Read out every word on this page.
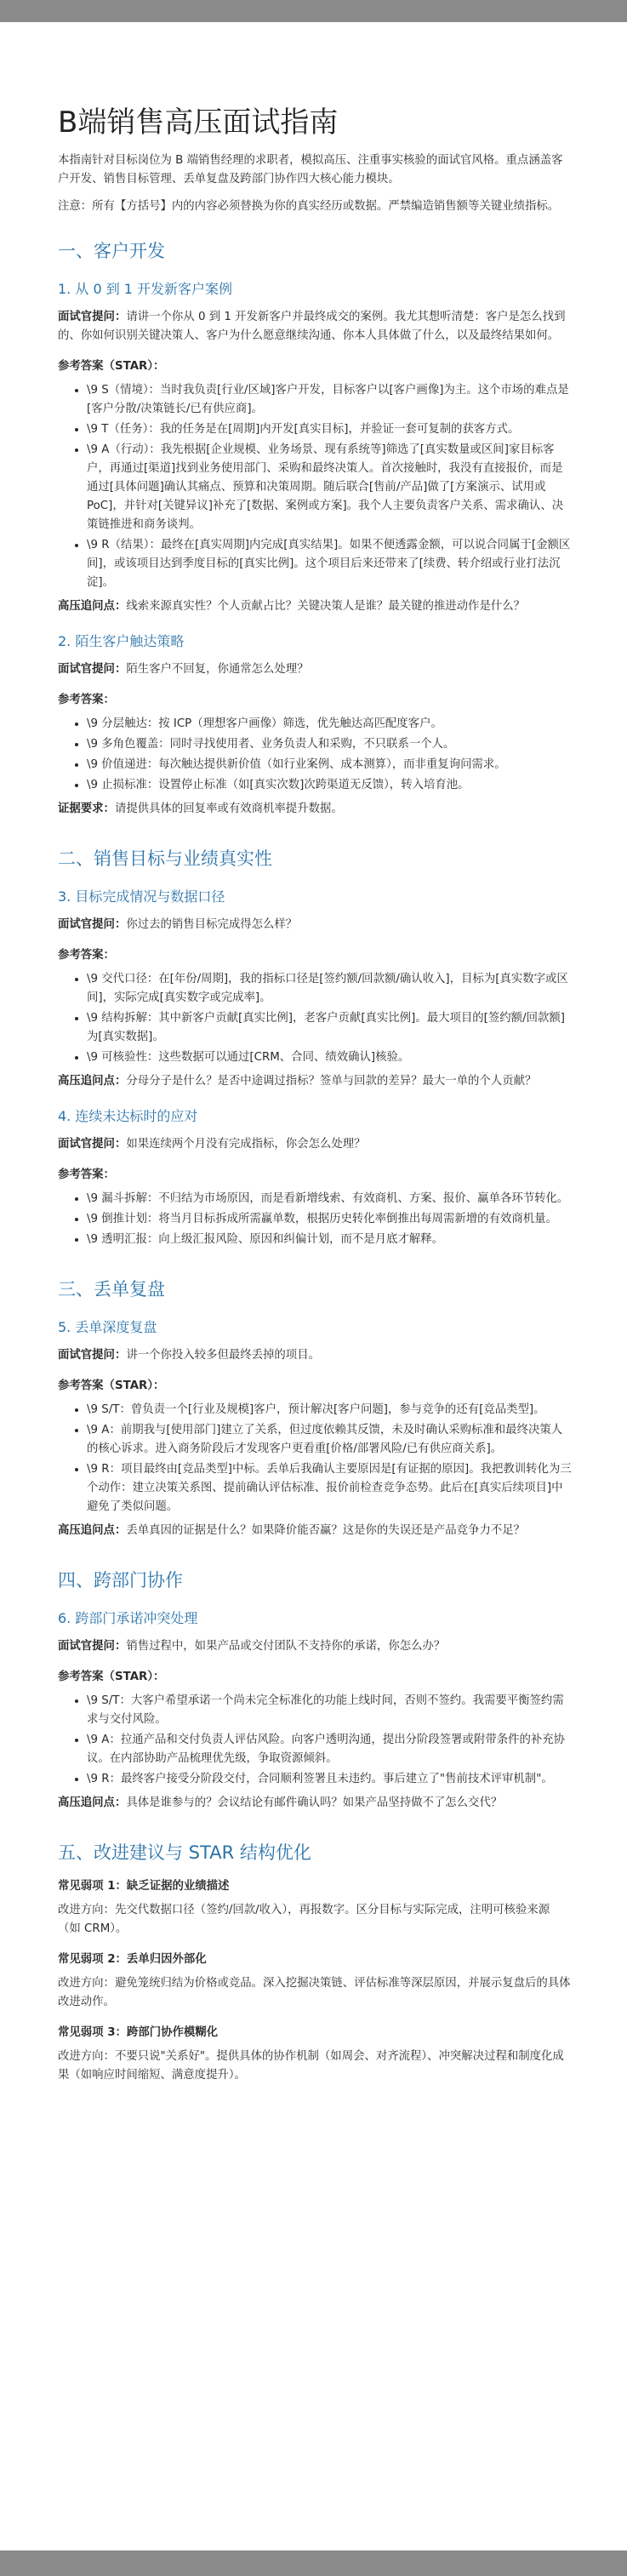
B端销售高压面试指南

本指南针对目标岗位为 B 端销售经理的求职者，模拟高压、注重事实核验的面试官风格。重点涵盖客户开发、销售目标管理、丢单复盘及跨部门协作四大核心能力模块。

注意：所有【方括号】内的内容必须替换为你的真实经历或数据。严禁编造销售额等关键业绩指标。

一、客户开发
1. 从 0 到 1 开发新客户案例

面试官提问：请讲一个你从 0 到 1 开发新客户并最终成交的案例。我尤其想听清楚：客户是怎么找到的、你如何识别关键决策人、客户为什么愿意继续沟通、你本人具体做了什么，以及最终结果如何。

参考答案（STAR）：
• \9 S（情境）：当时我负责[行业/区域]客户开发，目标客户以[客户画像]为主。这个市场的难点是[客户分散/决策链长/已有供应商]。
• \9 T（任务）：我的任务是在[周期]内开发[真实目标]，并验证一套可复制的获客方式。
• \9 A（行动）：我先根据[企业规模、业务场景、现有系统等]筛选了[真实数量或区间]家目标客户，再通过[渠道]找到业务使用部门、采购和最终决策人。首次接触时，我没有直接报价，而是通过[具体问题]确认其痛点、预算和决策周期。随后联合[售前/产品]做了[方案演示、试用或 PoC]，并针对[关键异议]补充了[数据、案例或方案]。我个人主要负责客户关系、需求确认、决策链推进和商务谈判。
• \9 R（结果）：最终在[真实周期]内完成[真实结果]。如果不便透露金额，可以说合同属于[金额区间]，或该项目达到季度目标的[真实比例]。这个项目后来还带来了[续费、转介绍或行业打法沉淀]。

高压追问点：线索来源真实性？个人贡献占比？关键决策人是谁？最关键的推进动作是什么？

2. 陌生客户触达策略

面试官提问：陌生客户不回复，你通常怎么处理？

参考答案：
• \9 分层触达：按 ICP（理想客户画像）筛选，优先触达高匹配度客户。
• \9 多角色覆盖：同时寻找使用者、业务负责人和采购，不只联系一个人。
• \9 价值递进：每次触达提供新价值（如行业案例、成本测算），而非重复询问需求。
• \9 止损标准：设置停止标准（如[真实次数]次跨渠道无反馈），转入培育池。

证据要求：请提供具体的回复率或有效商机率提升数据。

二、销售目标与业绩真实性
3. 目标完成情况与数据口径

面试官提问：你过去的销售目标完成得怎么样？

参考答案：
• \9 交代口径：在[年份/周期]，我的指标口径是[签约额/回款额/确认收入]，目标为[真实数字或区间]，实际完成[真实数字或完成率]。
• \9 结构拆解：其中新客户贡献[真实比例]，老客户贡献[真实比例]。最大项目的[签约额/回款额]为[真实数据]。
• \9 可核验性：这些数据可以通过[CRM、合同、绩效确认]核验。

高压追问点：分母分子是什么？是否中途调过指标？签单与回款的差异？最大一单的个人贡献？

4. 连续未达标时的应对

面试官提问：如果连续两个月没有完成指标，你会怎么处理？

参考答案：
• \9 漏斗拆解：不归结为市场原因，而是看新增线索、有效商机、方案、报价、赢单各环节转化。
• \9 倒推计划：将当月目标拆成所需赢单数，根据历史转化率倒推出每周需新增的有效商机量。
• \9 透明汇报：向上级汇报风险、原因和纠偏计划，而不是月底才解释。
三、丢单复盘
5. 丢单深度复盘

面试官提问：讲一个你投入较多但最终丢掉的项目。

参考答案（STAR）：
• \9 S/T：曾负责一个[行业及规模]客户，预计解决[客户问题]，参与竞争的还有[竞品类型]。
• \9 A：前期我与[使用部门]建立了关系，但过度依赖其反馈，未及时确认采购标准和最终决策人的核心诉求。进入商务阶段后才发现客户更看重[价格/部署风险/已有供应商关系]。
• \9 R：项目最终由[竞品类型]中标。丢单后我确认主要原因是[有证据的原因]。我把教训转化为三个动作：建立决策关系图、提前确认评估标准、报价前检查竞争态势。此后在[真实后续项目]中避免了类似问题。

高压追问点：丢单真因的证据是什么？如果降价能否赢？这是你的失误还是产品竞争力不足？

四、跨部门协作
6. 跨部门承诺冲突处理

面试官提问：销售过程中，如果产品或交付团队不支持你的承诺，你怎么办？

参考答案（STAR）：
• \9 S/T：大客户希望承诺一个尚未完全标准化的功能上线时间，否则不签约。我需要平衡签约需求与交付风险。
• \9 A：拉通产品和交付负责人评估风险。向客户透明沟通，提出分阶段签署或附带条件的补充协议。在内部协助产品梳理优先级，争取资源倾斜。
• \9 R：最终客户接受分阶段交付，合同顺利签署且未违约。事后建立了"售前技术评审机制"。

高压追问点：具体是谁参与的？会议结论有邮件确认吗？如果产品坚持做不了怎么交代？

五、改进建议与 STAR 结构优化
常见弱项 1：缺乏证据的业绩描述

改进方向：先交代数据口径（签约/回款/收入），再报数字。区分目标与实际完成，注明可核验来源（如 CRM）。

常见弱项 2：丢单归因外部化

改进方向：避免笼统归结为价格或竞品。深入挖掘决策链、评估标准等深层原因，并展示复盘后的具体改进动作。

常见弱项 3：跨部门协作模糊化

改进方向：不要只说"关系好"。提供具体的协作机制（如周会、对齐流程）、冲突解决过程和制度化成果（如响应时间缩短、满意度提升）。
